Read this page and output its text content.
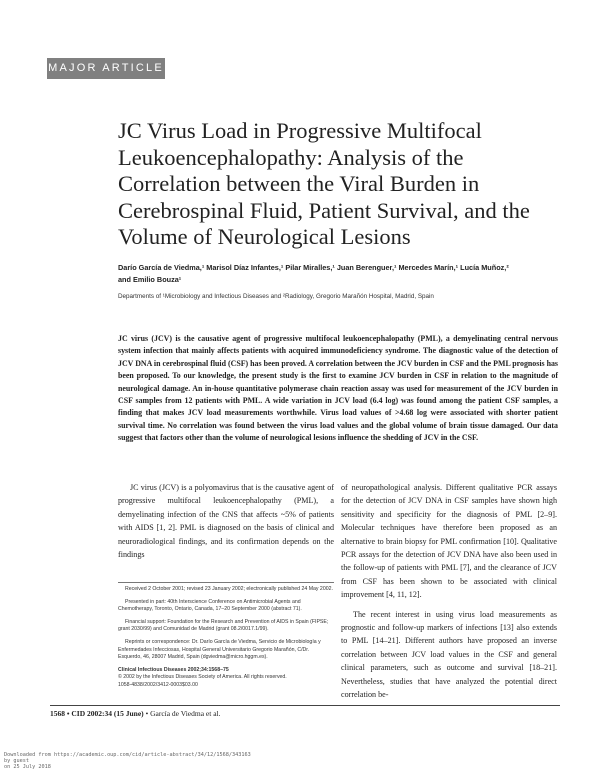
MAJOR ARTICLE
JC Virus Load in Progressive Multifocal Leukoencephalopathy: Analysis of the Correlation between the Viral Burden in Cerebrospinal Fluid, Patient Survival, and the Volume of Neurological Lesions
Darío García de Viedma,¹ Marisol Díaz Infantes,¹ Pilar Miralles,¹ Juan Berenguer,¹ Mercedes Marín,¹ Lucía Muñoz,²
and Emilio Bouza¹
Departments of ¹Microbiology and Infectious Diseases and ²Radiology, Gregorio Marañón Hospital, Madrid, Spain

JC virus (JCV) is the causative agent of progressive multifocal leukoencephalopathy (PML), a demyelinating central nervous system infection that mainly affects patients with acquired immunodeficiency syndrome. The diagnostic value of the detection of JCV DNA in cerebrospinal fluid (CSF) has been proved. A correlation between the JCV burden in CSF and the PML prognosis has been proposed. To our knowledge, the present study is the first to examine JCV burden in CSF in relation to the magnitude of neurological damage. An in-house quantitative polymerase chain reaction assay was used for measurement of the JCV burden in CSF samples from 12 patients with PML. A wide variation in JCV load (6.4 log) was found among the patient CSF samples, a finding that makes JCV load measurements worthwhile. Virus load values of >4.68 log were associated with shorter patient survival time. No correlation was found between the virus load values and the global volume of brain tissue damaged. Our data suggest that factors other than the volume of neurological lesions influence the shedding of JCV in the CSF.

JC virus (JCV) is a polyomavirus that is the causative agent of progressive multifocal leukoencephalopathy (PML), a demyelinating infection of the CNS that affects ~5% of patients with AIDS [1, 2]. PML is diagnosed on the basis of clinical and neuroradiological findings, and its confirmation depends on the findings

of neuropathological analysis. Different qualitative PCR assays for the detection of JCV DNA in CSF samples have shown high sensitivity and specificity for the diagnosis of PML [2–9]. Molecular techniques have therefore been proposed as an alternative to brain biopsy for PML confirmation [10]. Qualitative PCR assays for the detection of JCV DNA have also been used in the follow-up of patients with PML [7], and the clearance of JCV from CSF has been shown to be associated with clinical improvement [4, 11, 12].

The recent interest in using virus load measurements as prognostic and follow-up markers of infections [13] also extends to PML [14–21]. Different authors have proposed an inverse correlation between JCV load values in the CSF and general clinical parameters, such as outcome and survival [18–21]. Nevertheless, studies that have analyzed the potential direct correlation be-

Received 2 October 2001; revised 23 January 2002; electronically published 24 May 2002.

Presented in part: 40th Interscience Conference on Antimicrobial Agents and Chemotherapy, Toronto, Ontario, Canada, 17–20 September 2000 (abstract 71).

Financial support: Foundation for the Research and Prevention of AIDS in Spain (FIPSE; grant 2030/99) and Comunidad de Madrid (grant 08.2/0017.1/99).

Reprints or correspondence: Dr. Darío García de Viedma, Servicio de Microbiología y Enfermedades Infecciosas, Hospital General Universitario Gregorio Marañón, C/Dr. Esquerdo, 46, 28007 Madrid, Spain (dgviedma@micro.hggm.es).

Clinical Infectious Diseases 2002;34:1568–75
© 2002 by the Infectious Diseases Society of America. All rights reserved.
1058-4838/2002/3412-0003$03.00

1568 • CID 2002:34 (15 June) • García de Viedma et al.
Downloaded from https://academic.oup.com/cid/article-abstract/34/12/1568/343163
by guest
on 25 July 2018
